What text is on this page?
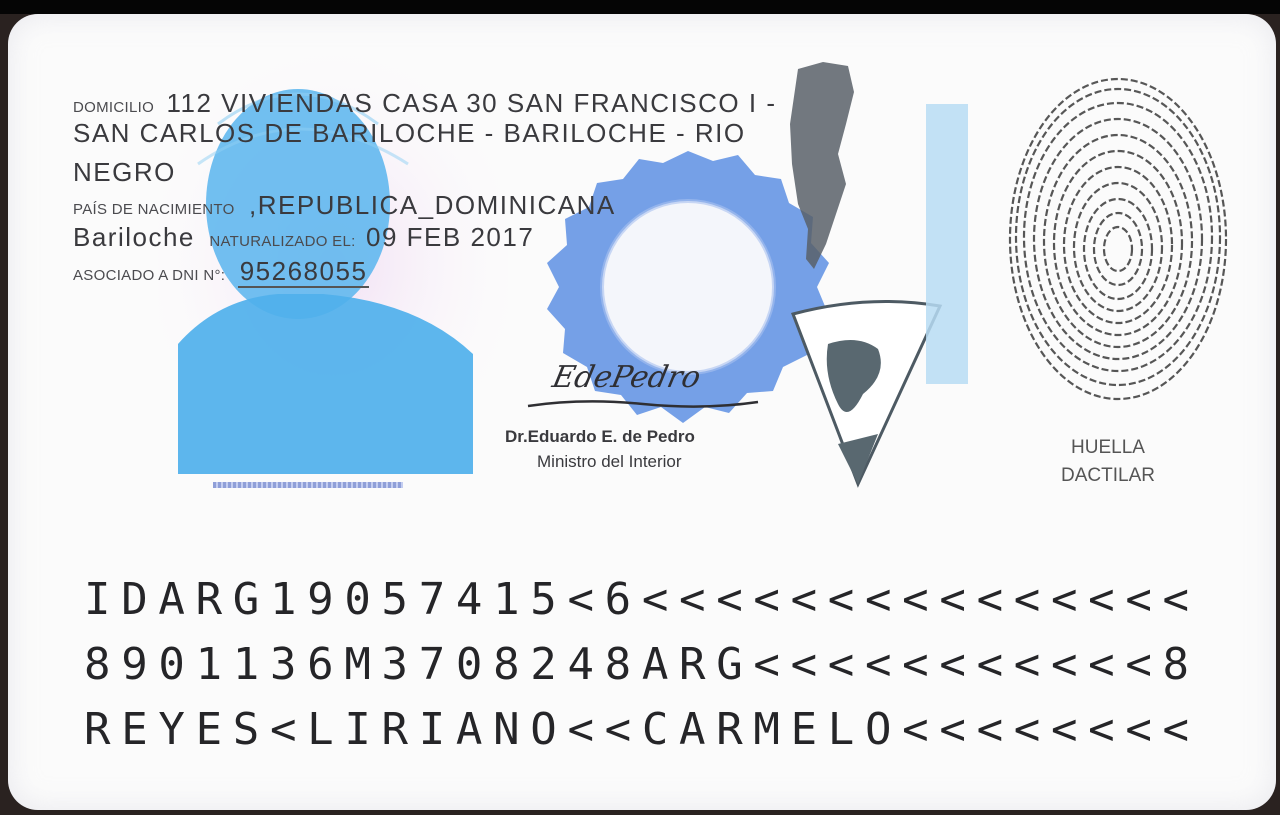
DOMICILIO 112 VIVIENDAS CASA 30 SAN FRANCISCO I -
SAN CARLOS DE BARILOCHE - BARILOCHE - RIO
NEGRO
PAÍS DE NACIMIENTO ,REPUBLICA_DOMINICANA
Bariloche NATURALIZADO EL: 09 FEB 2017
ASOCIADO A DNI N°: 95268055
EdePedro
Dr.Eduardo E. de Pedro
Ministro del Interior
HUELLA
DACTILAR
IDARG19057415<6<<<<<<<<<<<<<<<
8901136M3708248ARG<<<<<<<<<<<8
REYES<LIRIANO<<CARMELO<<<<<<<<
